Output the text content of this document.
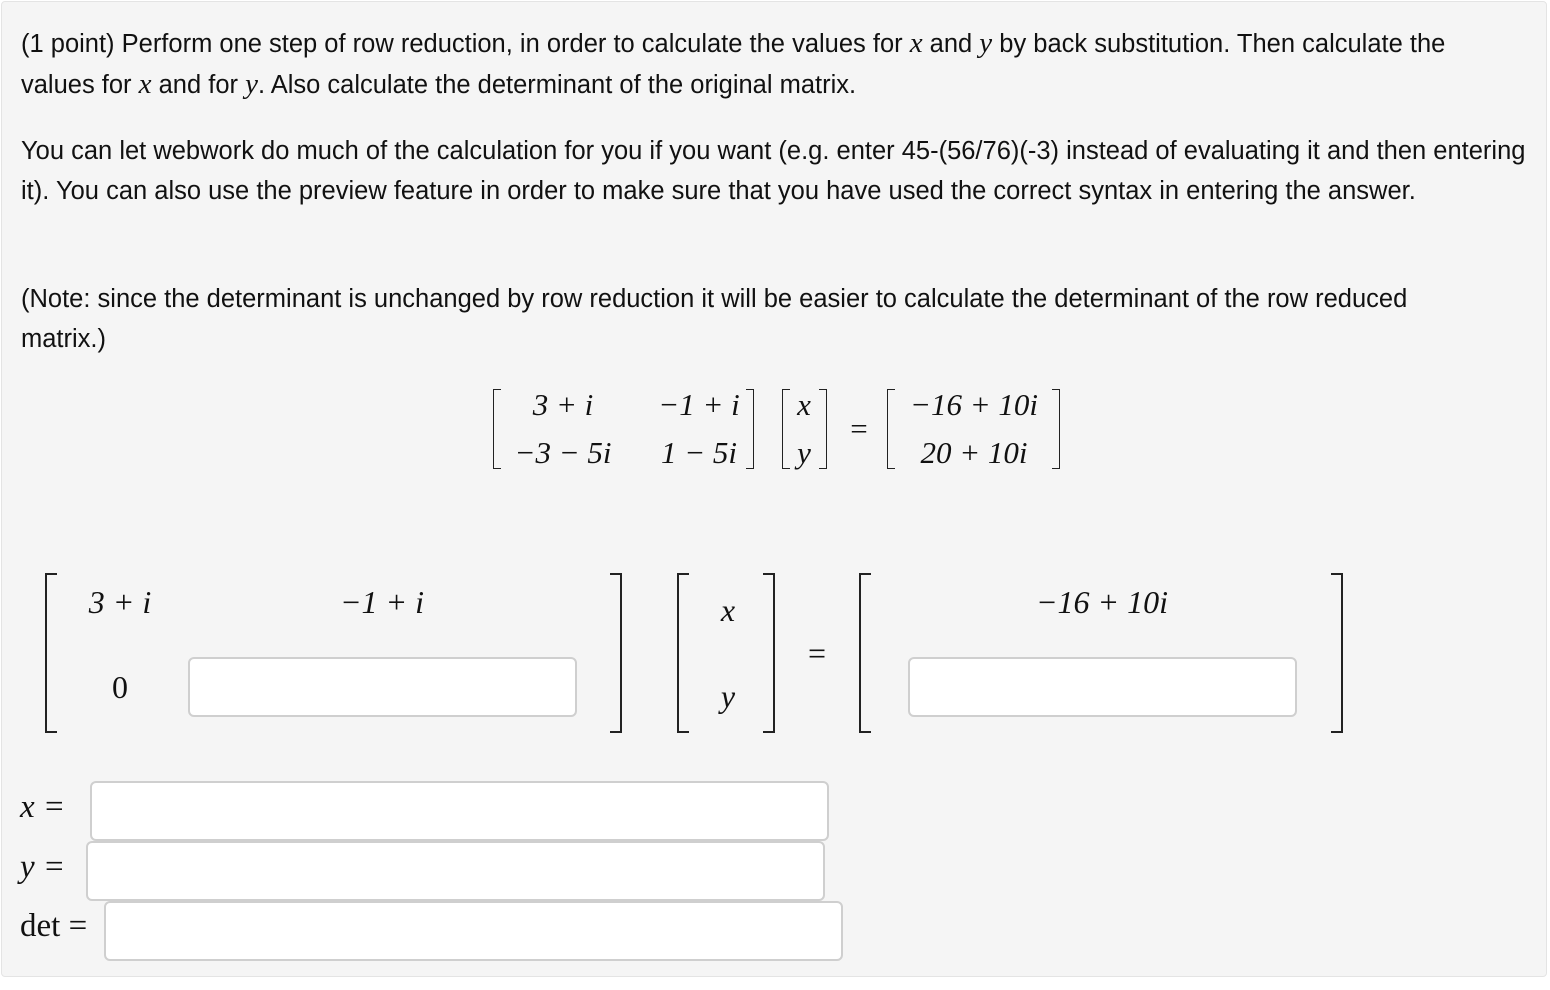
(1 point) Perform one step of row reduction, in order to calculate the values for x and y by back substitution. Then calculate the values for x and for y. Also calculate the determinant of the original matrix.

You can let webwork do much of the calculation for you if you want (e.g. enter 45-(56/76)(-3) instead of evaluating it and then entering it). You can also use the preview feature in order to make sure that you have used the correct syntax in entering the answer.

(Note: since the determinant is unchanged by row reduction it will be easier to calculate the determinant of the row reduced matrix.)

3 + i −1 + i
−3 − 5i 1 − 5i
x
y
=
−16 + 10i
20 + 10i
3 + i	−1 + i
0
x
y
=
−16 + 10i
x =
y =
det =
